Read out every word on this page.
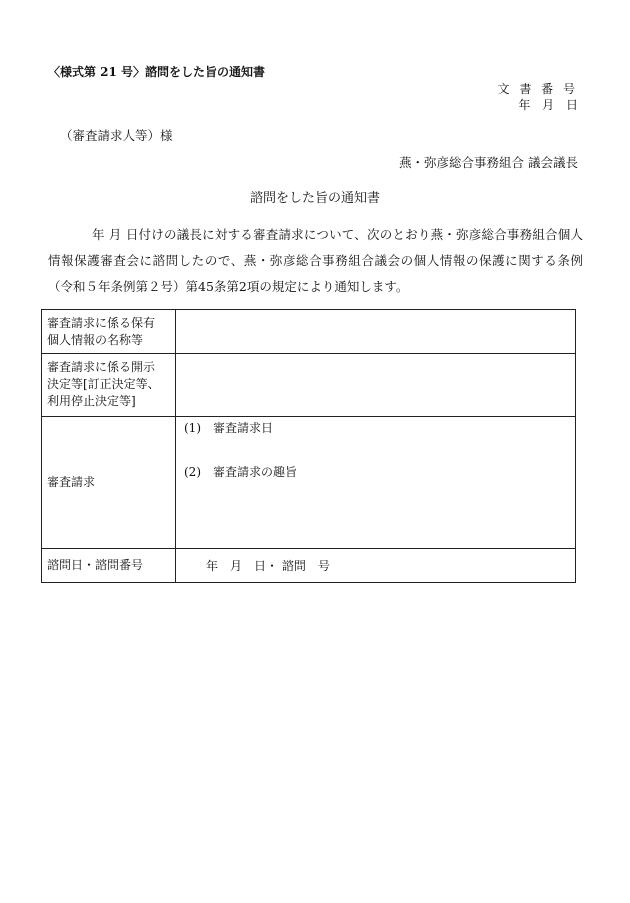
〈様式第 21 号〉諮問をした旨の通知書
文 書 番 号
年 月 日
（審査請求人等）様
燕・弥彦総合事務組合 議会議長
諮問をした旨の通知書
年 月 日付けの議長に対する審査請求について、次のとおり燕・弥彦総合事務組合個人情報保護審査会に諮問したので、燕・弥彦総合事務組合議会の個人情報の保護に関する条例（令和５年条例第２号）第45条第2項の規定により通知します。
審査請求に係る保有
個人情報の名称等	

審査請求に係る開示
決定等[訂正決定等、
利用停止決定等]	

審査請求	(1)　審査請求日
(2)　審査請求の趣旨

諮問日・諮問番号	年　月　日・ 諮問　号
